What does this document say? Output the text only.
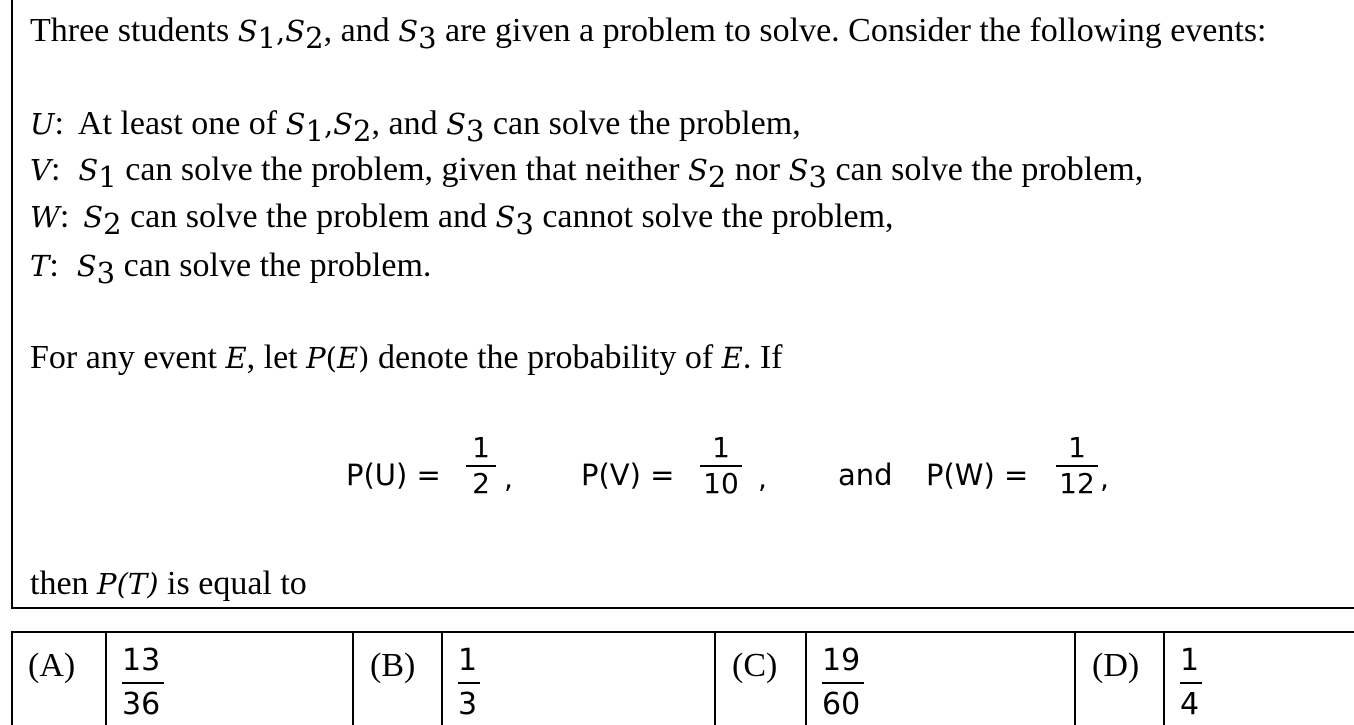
Three students $S_1,S_2$, and $S_3$ are given a problem to solve. Consider the following events:
U: At least one of $S_1,S_2$, and $S_3$ can solve the problem,
V: $S_1$ can solve the problem, given that neither $S_2$ nor $S_3$ can solve the problem,
W: $S_2$ can solve the problem and $S_3$ cannot solve the problem,
T: $S_3$ can solve the problem.
For any event E, let P(E) denote the probability of E. If
P(U) =
1
2 , P(V) =
1
10 , and P(W) =
1
12 ,
then P(T) is equal to
(A) 13
36
(B) 1
3
(C) 19
60
(D) 1
4
